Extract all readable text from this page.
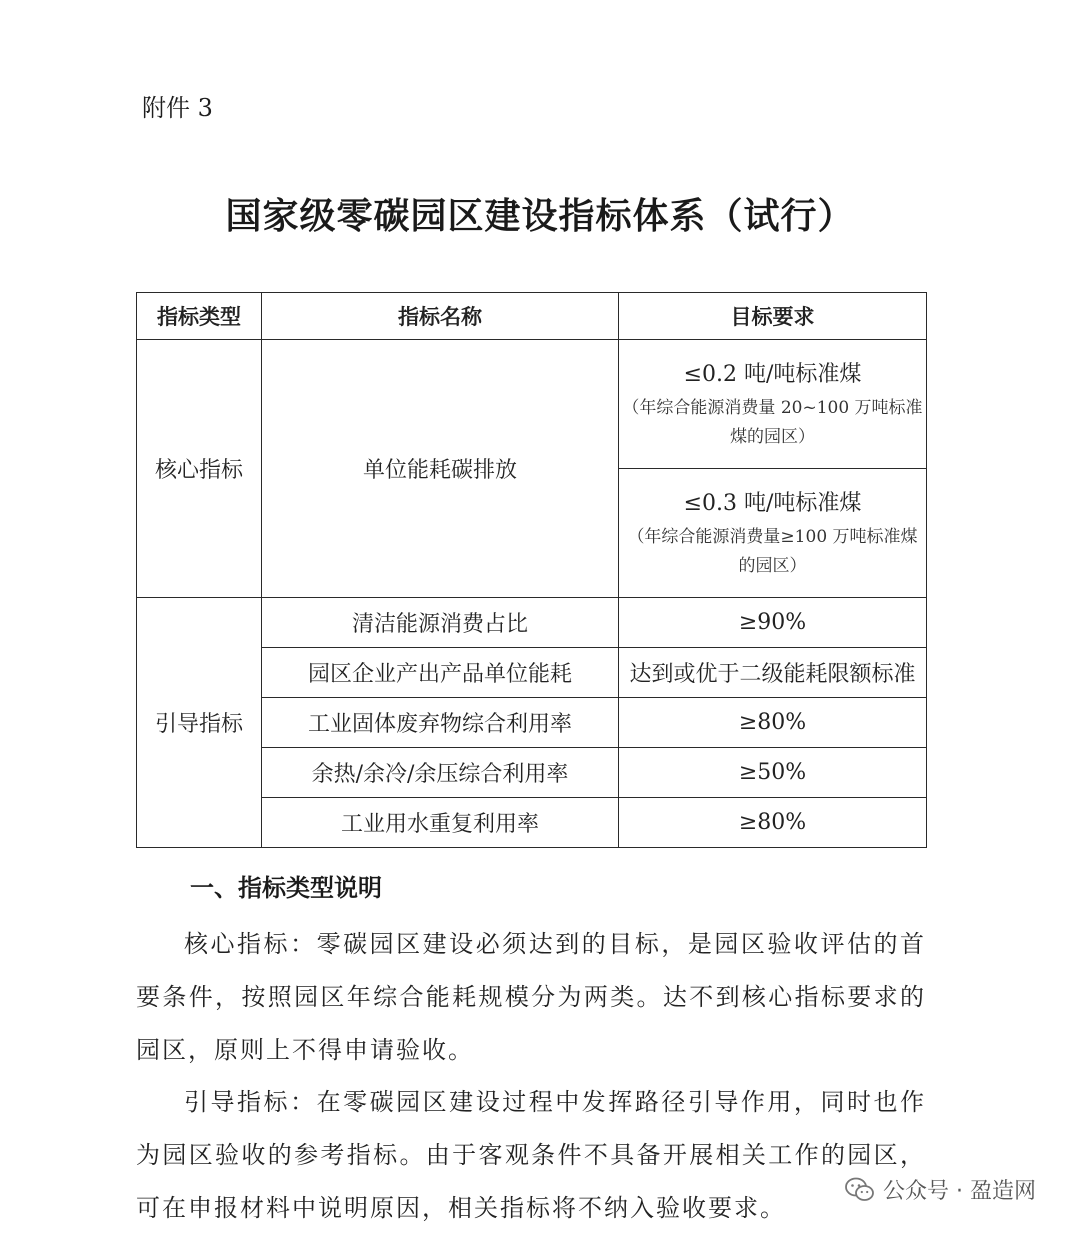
附件 3
国家级零碳园区建设指标体系（试行）
指标类型	指标名称	目标要求
核心指标	单位能耗碳排放	≤0.2 吨/吨标准煤
（年综合能源消费量 20~100 万吨标准煤的园区）

		≤0.3 吨/吨标准煤
（年综合能源消费量≥100 万吨标准煤的园区）

引导指标	清洁能源消费占比	≥90%
	园区企业产出产品单位能耗	达到或优于二级能耗限额标准
	工业固体废弃物综合利用率	≥80%
	余热/余冷/余压综合利用率	≥50%
	工业用水重复利用率	≥80%
一、指标类型说明

核心指标：零碳园区建设必须达到的目标，是园区验收评估的首要条件，按照园区年综合能耗规模分为两类。达不到核心指标要求的园区，原则上不得申请验收。

引导指标：在零碳园区建设过程中发挥路径引导作用，同时也作为园区验收的参考指标。由于客观条件不具备开展相关工作的园区，可在申报材料中说明原因，相关指标将不纳入验收要求。

公众号 · 盈造网
